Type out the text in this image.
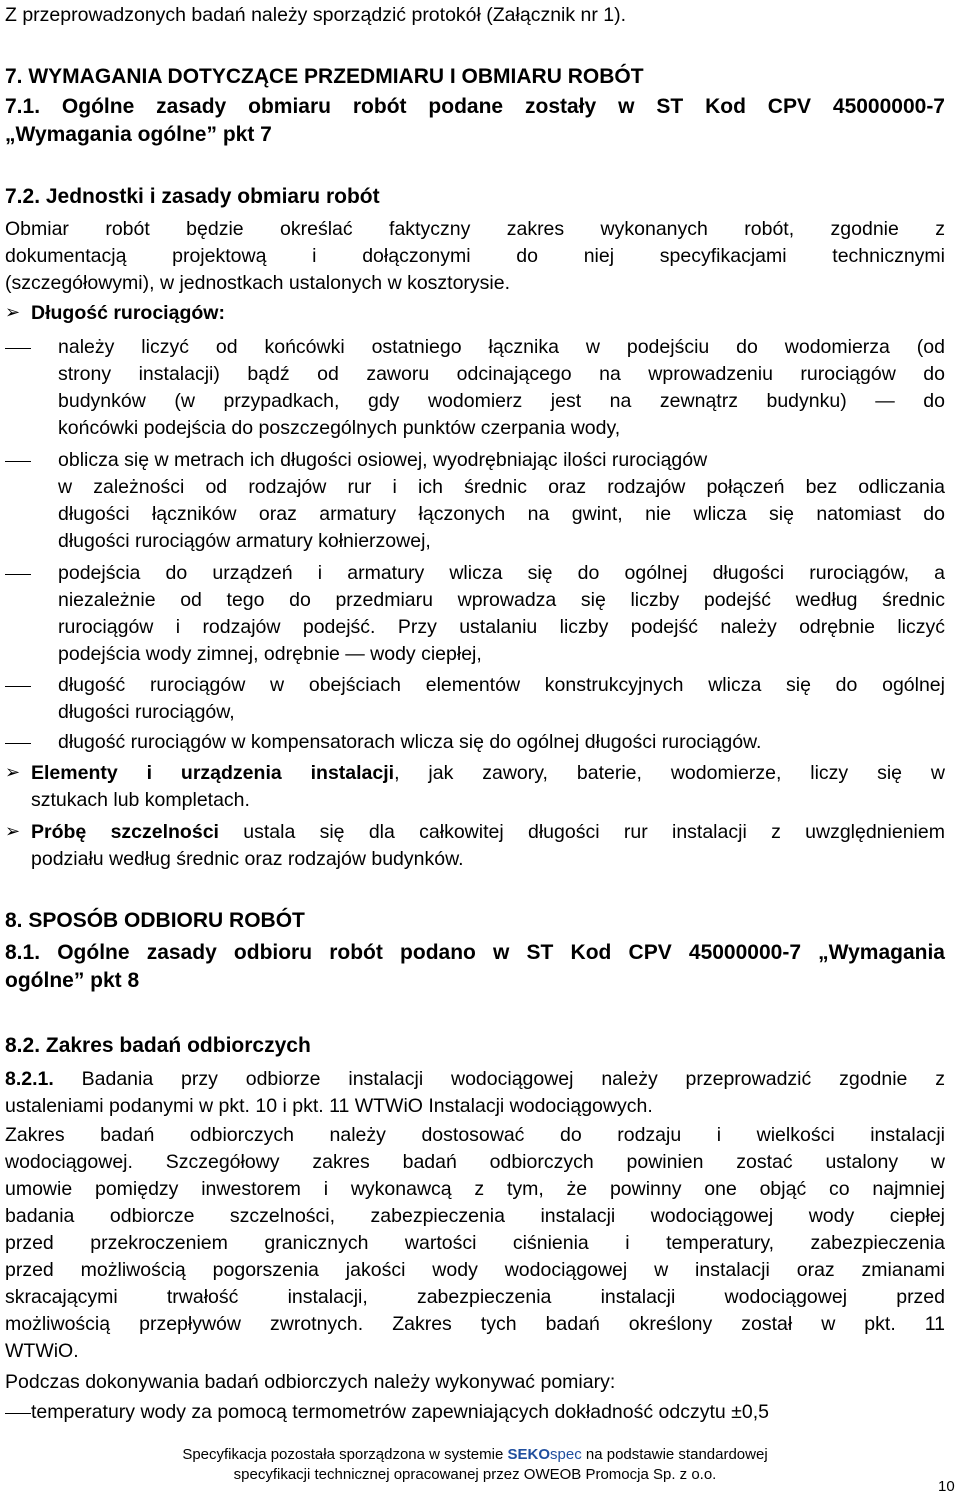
Z przeprowadzonych badań należy sporządzić protokół (Załącznik nr 1).
7. WYMAGANIA DOTYCZĄCE PRZEDMIARU I OBMIARU ROBÓT
7.1. Ogólne zasady obmiaru robót podane zostały w ST Kod CPV 45000000-7
„Wymagania ogólne” pkt 7
7.2. Jednostki i zasady obmiaru robót
Obmiar robót będzie określać faktyczny zakres wykonanych robót, zgodnie z
dokumentacją projektową i dołączonymi do niej specyfikacjami technicznymi
(szczegółowymi), w jednostkach ustalonych w kosztorysie.
➢ Długość rurociągów:
należy liczyć od końcówki ostatniego łącznika w podejściu do wodomierza (od
strony instalacji) bądź od zaworu odcinającego na wprowadzeniu rurociągów do
budynków (w przypadkach, gdy wodomierz jest na zewnątrz budynku) — do
końcówki podejścia do poszczególnych punktów czerpania wody,
oblicza się w metrach ich długości osiowej, wyodrębniając ilości rurociągów
w zależności od rodzajów rur i ich średnic oraz rodzajów połączeń bez odliczania
długości łączników oraz armatury łączonych na gwint, nie wlicza się natomiast do
długości rurociągów armatury kołnierzowej,
podejścia do urządzeń i armatury wlicza się do ogólnej długości rurociągów, a
niezależnie od tego do przedmiaru wprowadza się liczby podejść według średnic
rurociągów i rodzajów podejść. Przy ustalaniu liczby podejść należy odrębnie liczyć
podejścia wody zimnej, odrębnie — wody ciepłej,
długość rurociągów w obejściach elementów konstrukcyjnych wlicza się do ogólnej
długości rurociągów,
długość rurociągów w kompensatorach wlicza się do ogólnej długości rurociągów.
➢ Elementy i urządzenia instalacji, jak zawory, baterie, wodomierze, liczy się w
sztukach lub kompletach.
➢ Próbę szczelności ustala się dla całkowitej długości rur instalacji z uwzględnieniem
podziału według średnic oraz rodzajów budynków.
8. SPOSÓB ODBIORU ROBÓT
8.1. Ogólne zasady odbioru robót podano w ST Kod CPV 45000000-7 „Wymagania
ogólne” pkt 8
8.2. Zakres badań odbiorczych
8.2.1. Badania przy odbiorze instalacji wodociągowej należy przeprowadzić zgodnie z
ustaleniami podanymi w pkt. 10 i pkt. 11 WTWiO Instalacji wodociągowych.
Zakres badań odbiorczych należy dostosować do rodzaju i wielkości instalacji
wodociągowej. Szczegółowy zakres badań odbiorczych powinien zostać ustalony w
umowie pomiędzy inwestorem i wykonawcą z tym, że powinny one objąć co najmniej
badania odbiorcze szczelności, zabezpieczenia instalacji wodociągowej wody ciepłej
przed przekroczeniem granicznych wartości ciśnienia i temperatury, zabezpieczenia
przed możliwością pogorszenia jakości wody wodociągowej w instalacji oraz zmianami
skracającymi trwałość instalacji, zabezpieczenia instalacji wodociągowej przed
możliwością przepływów zwrotnych. Zakres tych badań określony został w pkt. 11
WTWiO.
Podczas dokonywania badań odbiorczych należy wykonywać pomiary:
temperatury wody za pomocą termometrów zapewniających dokładność odczytu ±0,5
Specyfikacja pozostała sporządzona w systemie SEKOspec na podstawie standardowej
specyfikacji technicznej opracowanej przez OWEOB Promocja Sp. z o.o.
10
